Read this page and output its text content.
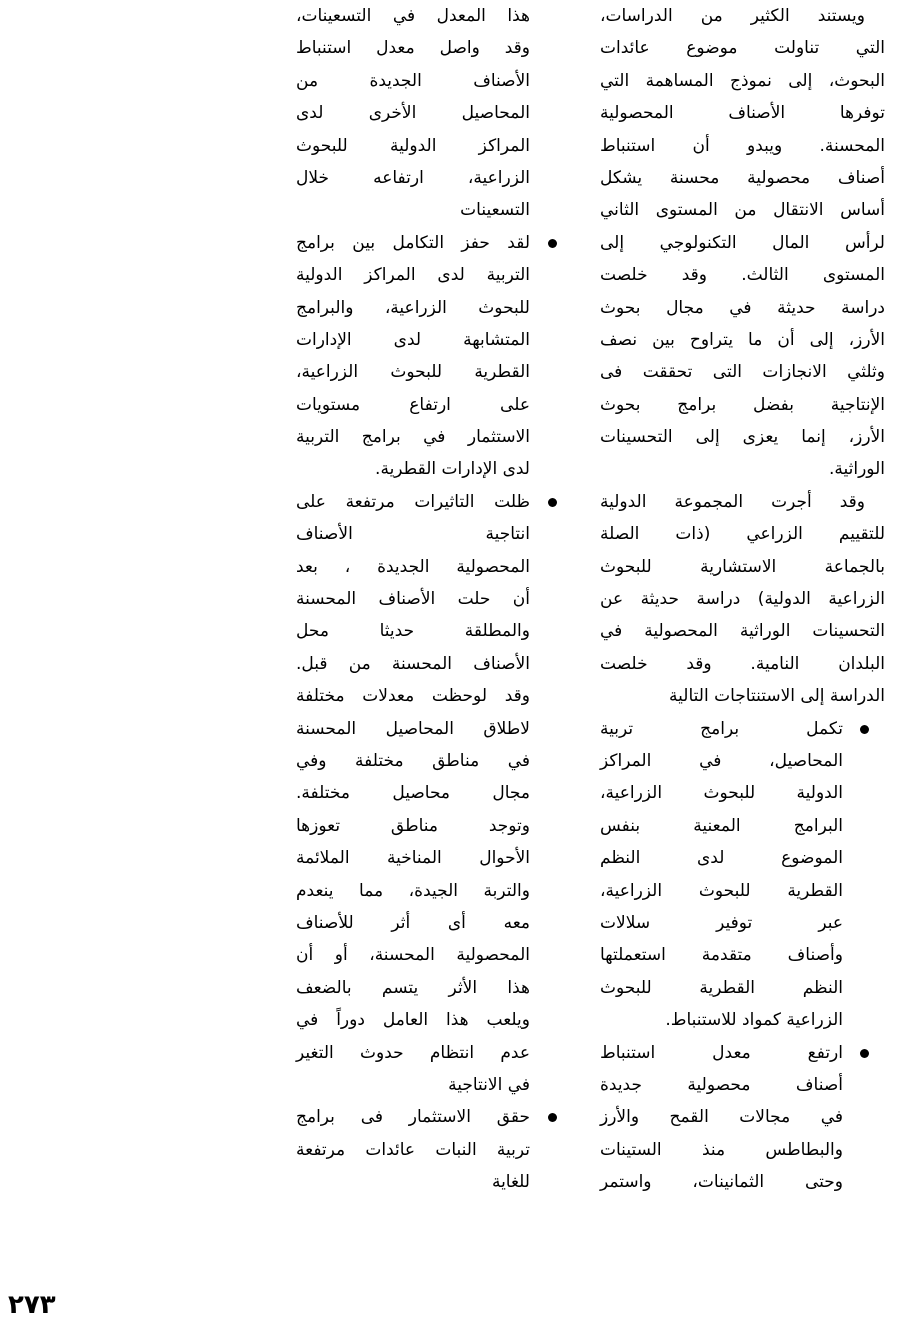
ويستند الكثير من الدراسات،
التي تناولت موضوع عائدات
البحوث، إلى نموذج المساهمة التي
توفرها الأصناف المحصولية
المحسنة. ويبدو أن استنباط
أصناف محصولية محسنة يشكل
أساس الانتقال من المستوى الثاني
لرأس المال التكنولوجي إلى
المستوى الثالث. وقد خلصت
دراسة حديثة في مجال بحوث
الأرز، إلى أن ما يتراوح بين نصف
وثلثي الانجازات التى تحققت فى
الإنتاجية بفضل برامج بحوث
الأرز، إنما يعزى إلى التحسينات
الوراثية.
وقد أجرت المجموعة الدولية
للتقييم الزراعي (ذات الصلة
بالجماعة الاستشارية للبحوث
الزراعية الدولية) دراسة حديثة عن
التحسينات الوراثية المحصولية في
البلدان النامية. وقد خلصت
الدراسة إلى الاستنتاجات التالية
تكمل برامج تربية
المحاصيل، في المراكز
الدولية للبحوث الزراعية،
البرامج المعنية بنفس
الموضوع لدى النظم
القطرية للبحوث الزراعية،
عبر توفير سلالات
وأصناف متقدمة استعملتها
النظم القطرية للبحوث
الزراعية كمواد للاستنباط.
ارتفع معدل استنباط
أصناف محصولية جديدة
في مجالات القمح والأرز
والبطاطس منذ الستينات
وحتى الثمانينات، واستمر
هذا المعدل في التسعينات،
وقد واصل معدل استنباط
الأصناف الجديدة من
المحاصيل الأخرى لدى
المراكز الدولية للبحوث
الزراعية، ارتفاعه خلال
التسعينات
لقد حفز التكامل بين برامج
التربية لدى المراكز الدولية
للبحوث الزراعية، والبرامج
المتشابهة لدى الإدارات
القطرية للبحوث الزراعية،
على ارتفاع مستويات
الاستثمار في برامج التربية
لدى الإدارات القطرية.
ظلت التاثيرات مرتفعة على
انتاجية الأصناف
المحصولية الجديدة ، بعد
أن حلت الأصناف المحسنة
والمطلقة حديثا محل
الأصناف المحسنة من قبل.
وقد لوحظت معدلات مختلفة
لاطلاق المحاصيل المحسنة
في مناطق مختلفة وفي
مجال محاصيل مختلفة.
وتوجد مناطق تعوزها
الأحوال المناخية الملائمة
والتربة الجيدة، مما ينعدم
معه أى أثر للأصناف
المحصولية المحسنة، أو أن
هذا الأثر يتسم بالضعف
ويلعب هذا العامل دوراً في
عدم انتظام حدوث التغير
في الانتاجية
حقق الاستثمار فى برامج
تربية النبات عائدات مرتفعة
للغاية
٢٧٣
